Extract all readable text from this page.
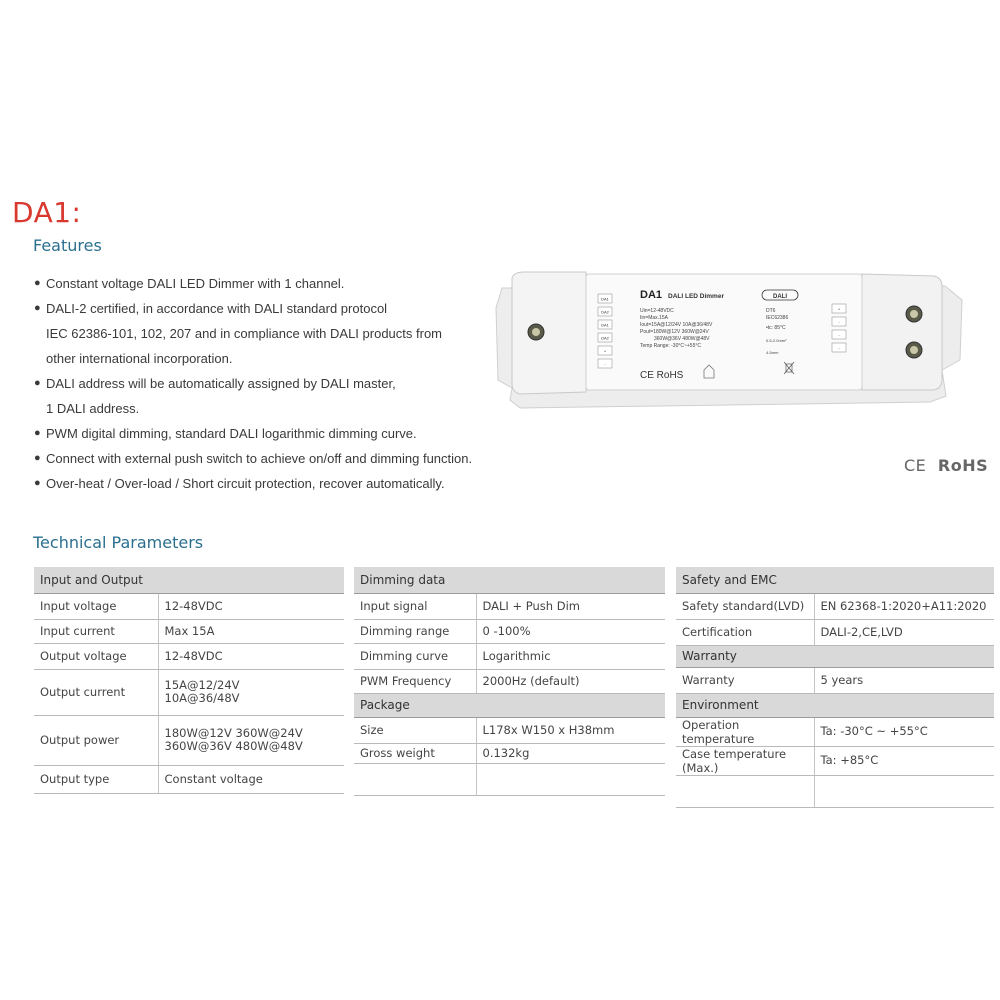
DA1:
Features
● Constant voltage DALI LED Dimmer with 1 channel.
● DALI-2 certified, in accordance with DALI standard protocol
IEC 62386-101, 102, 207 and in compliance with DALI products from
other international incorporation.
● DALI address will be automatically assigned by DALI master,
1 DALI address.
● PWM digital dimming, standard DALI logarithmic dimming curve.
● Connect with external push switch to achieve on/off and dimming function.
● Over-heat / Over-load / Short circuit protection, recover automatically.
DA1
DA2
DA1
DA2
+
-
+
-
-
-
DA1 DALI LED Dimmer
Uin=12-48VDC
Iin=Max.15A
Iout=15A@12/24V 10A@36/48V
Pout=180W@12V 360W@24V
360W@36V 480W@48V
Temp Range: -30°C~+55°C
DALI
DT6
IEC62386
•tc: 85°C
0.5-2.0mm²
4-5mm
CE RoHS
CE RoHS
Technical Parameters
Input and Output	
Input voltage	12-48VDC
Input current	Max 15A
Output voltage	12-48VDC
Output current	15A@12/24V
10A@36/48V
Output power	180W@12V 360W@24V
360W@36V 480W@48V
Output type	Constant voltage
Dimming data	
Input signal	DALI + Push Dim
Dimming range	0 -100%
Dimming curve	Logarithmic
PWM Frequency	2000Hz (default)
Package	
Size	L178x W150 x H38mm
Gross weight	0.132kg

Safety and EMC	
Safety standard(LVD)	EN 62368-1:2020+A11:2020
Certification	DALI-2,CE,LVD
Warranty	
Warranty	5 years
Environment	
Operation temperature	Ta: -30°C ~ +55°C
Case temperature (Max.)	Ta: +85°C
